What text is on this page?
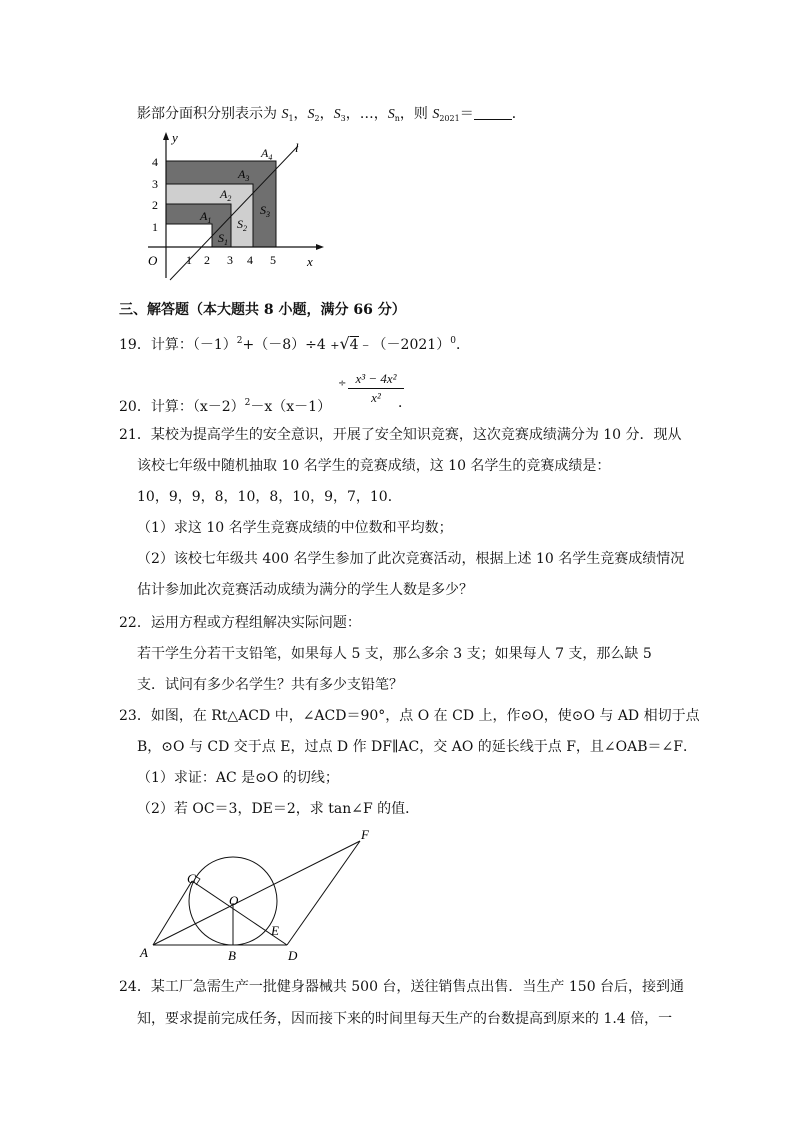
影部分面积分别表示为 $S_1$，$S_2$，$S_3$，…，$S_n$，则 $S_{2021}=$	．
y
x
O
l
1 2 3 4 5
1
2
3
4
$A_1$
$A_2$
$A_3$
$A_4$
$S_1$
$S_2$
$S_3$
三、解答题（本大题共 8 小题，满分 66 分）
19．计算：$(-1)^2+(-8)\div 4$ $+√4﹣(-2021)^0$．
20．计算：$(x-2)^2-x(x-1)$
÷ x³ − 4x²
x²	．
21．某校为提高学生的安全意识，开展了安全知识竞赛，这次竞赛成绩满分为 10 分．现从
该校七年级中随机抽取 10 名学生的竞赛成绩，这 10 名学生的竞赛成绩是：
10，9，9，8，10，8，10，9，7，10．
（1）求这 10 名学生竞赛成绩的中位数和平均数；
（2）该校七年级共 400 名学生参加了此次竞赛活动，根据上述 10 名学生竞赛成绩情况
估计参加此次竞赛活动成绩为满分的学生人数是多少？
22．运用方程或方程组解决实际问题：
若干学生分若干支铅笔，如果每人 5 支，那么多余 3 支；如果每人 7 支，那么缺 5
支．试问有多少名学生？共有多少支铅笔？
23．如图，在 Rt△ACD 中，∠ACD＝90°，点 O 在 CD 上，作⊙O，使⊙O 与 AD 相切于点
B，⊙O 与 CD 交于点 E，过点 D 作 DF∥AC，交 AO 的延长线于点 F，且∠OAB＝∠F．
（1）求证：AC 是⊙O 的切线；
（2）若 OC＝3，DE＝2，求 tan∠F 的值．
A	B
C
D
E
F
O
24．某工厂急需生产一批健身器械共 500 台，送往销售点出售．当生产 150 台后，接到通
知，要求提前完成任务，因而接下来的时间里每天生产的台数提高到原来的 1.4 倍，一
